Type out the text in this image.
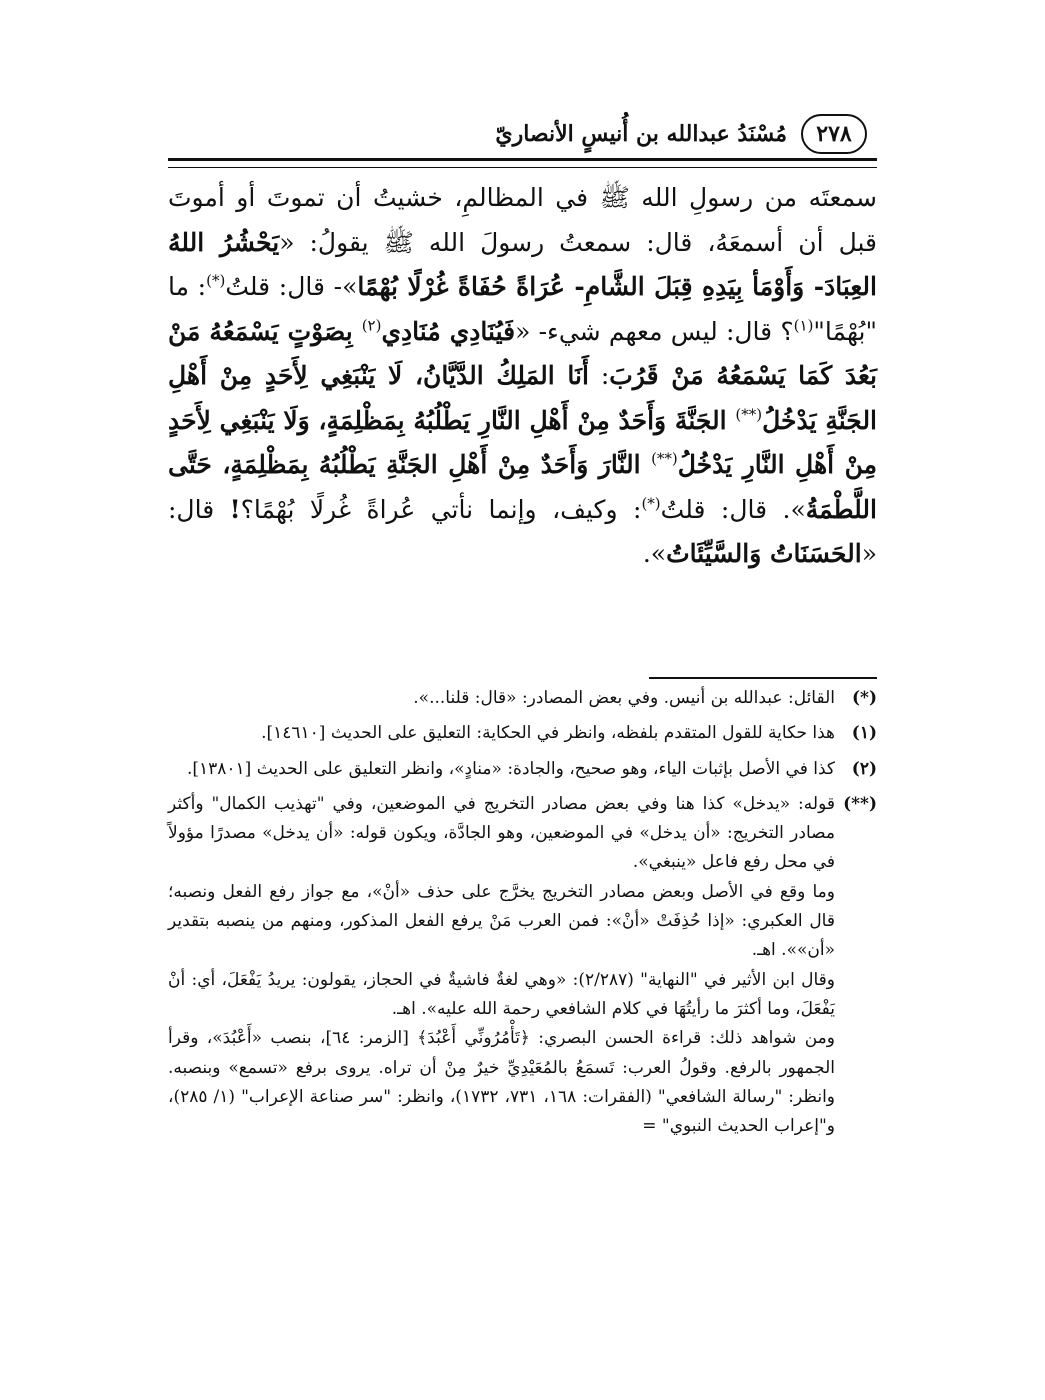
٢٧٨
مُسْنَدُ عبدالله بن أُنيسٍ الأنصاريّ

سمعتَه من رسولِ الله ﷺ في المظالمِ، خشيتُ أن تموتَ أو أموتَ قبل أن أسمعَهُ، قال: سمعتُ رسولَ الله ﷺ يقولُ: «يَحْشُرُ اللهُ العِبَادَ- وَأَوْمَأ بِيَدِهِ قِبَلَ الشَّامِ- عُرَاةً حُفَاةً غُرْلًا بُهْمًا»- قال: قلتُ(*): ما "بُهْمًا"$^{(١)}$؟ قال: ليس معهم شيء- «فَيُنَادِي مُنَادِي$^{(٢)}$ بِصَوْتٍ يَسْمَعُهُ مَنْ بَعُدَ كَمَا يَسْمَعُهُ مَنْ قَرُبَ: أَنَا المَلِكُ الدَّيَّانُ، لَا يَنْبَغِي لِأَحَدٍ مِنْ أَهْلِ الجَنَّةِ يَدْخُلُ(**) الجَنَّةَ وَأَحَدٌ مِنْ أَهْلِ النَّارِ يَطْلُبُهُ بِمَظْلِمَةٍ، وَلَا يَنْبَغِي لِأَحَدٍ مِنْ أَهْلِ النَّارِ يَدْخُلُ(**) النَّارَ وَأَحَدٌ مِنْ أَهْلِ الجَنَّةِ يَطْلُبُهُ بِمَظْلِمَةٍ، حَتَّى اللَّطْمَةُ». قال: قلتُ(*): وكيف، وإنما نأتي عُراةً غُرلًا بُهْمًا؟! قال: «الحَسَنَاتُ وَالسَّيِّئَاتُ».

(*)

القائل: عبدالله بن أنيس. وفي بعض المصادر: «قال: قلنا...».

(١)

هذا حكاية للقول المتقدم بلفظه، وانظر في الحكاية: التعليق على الحديث [١٤٦١٠].

(٢)

كذا في الأصل بإثبات الياء، وهو صحيح، والجادة: «منادٍ»، وانظر التعليق على الحديث [١٣٨٠١].

(**)

قوله: «يدخل» كذا هنا وفي بعض مصادر التخريج في الموضعين، وفي "تهذيب الكمال" وأكثر مصادر التخريج: «أن يدخل» في الموضعين، وهو الجادَّة، ويكون قوله: «أن يدخل» مصدرًا مؤولاً في محل رفع فاعل «ينبغي».

وما وقع في الأصل وبعض مصادر التخريج يخرَّج على حذف «أنْ»، مع جواز رفع الفعل ونصبه؛ قال العكبري: «إذا حُذِفَتْ «أنْ»: فمن العرب مَنْ يرفع الفعل المذكور، ومنهم من ينصبه بتقدير «أن»». اهـ.

وقال ابن الأثير في "النهاية" (٢/٢٨٧): «وهي لغةٌ فاشيةٌ في الحجاز، يقولون: يريدُ يَفْعَلَ، أي: أنْ يَفْعَلَ، وما أكثرَ ما رأيتُهَا في كلام الشافعي رحمة الله عليه». اهـ.

ومن شواهد ذلك: قراءة الحسن البصري: ﴿تَأْمُرُونِّي أَعْبُدَ﴾ [الزمر: ٦٤]، بنصب «أَعْبُدَ»، وقرأ الجمهور بالرفع. وقولُ العرب: تَسمَعُ بالمُعَيْدِيِّ خيرٌ مِنْ أن تراه. يروى برفع «تسمع» وبنصبه. وانظر: "رسالة الشافعي" (الفقرات: ١٦٨، ٧٣١، ١٧٣٢)، وانظر: "سر صناعة الإعراب" (١/ ٢٨٥)، و"إعراب الحديث النبوي" =
